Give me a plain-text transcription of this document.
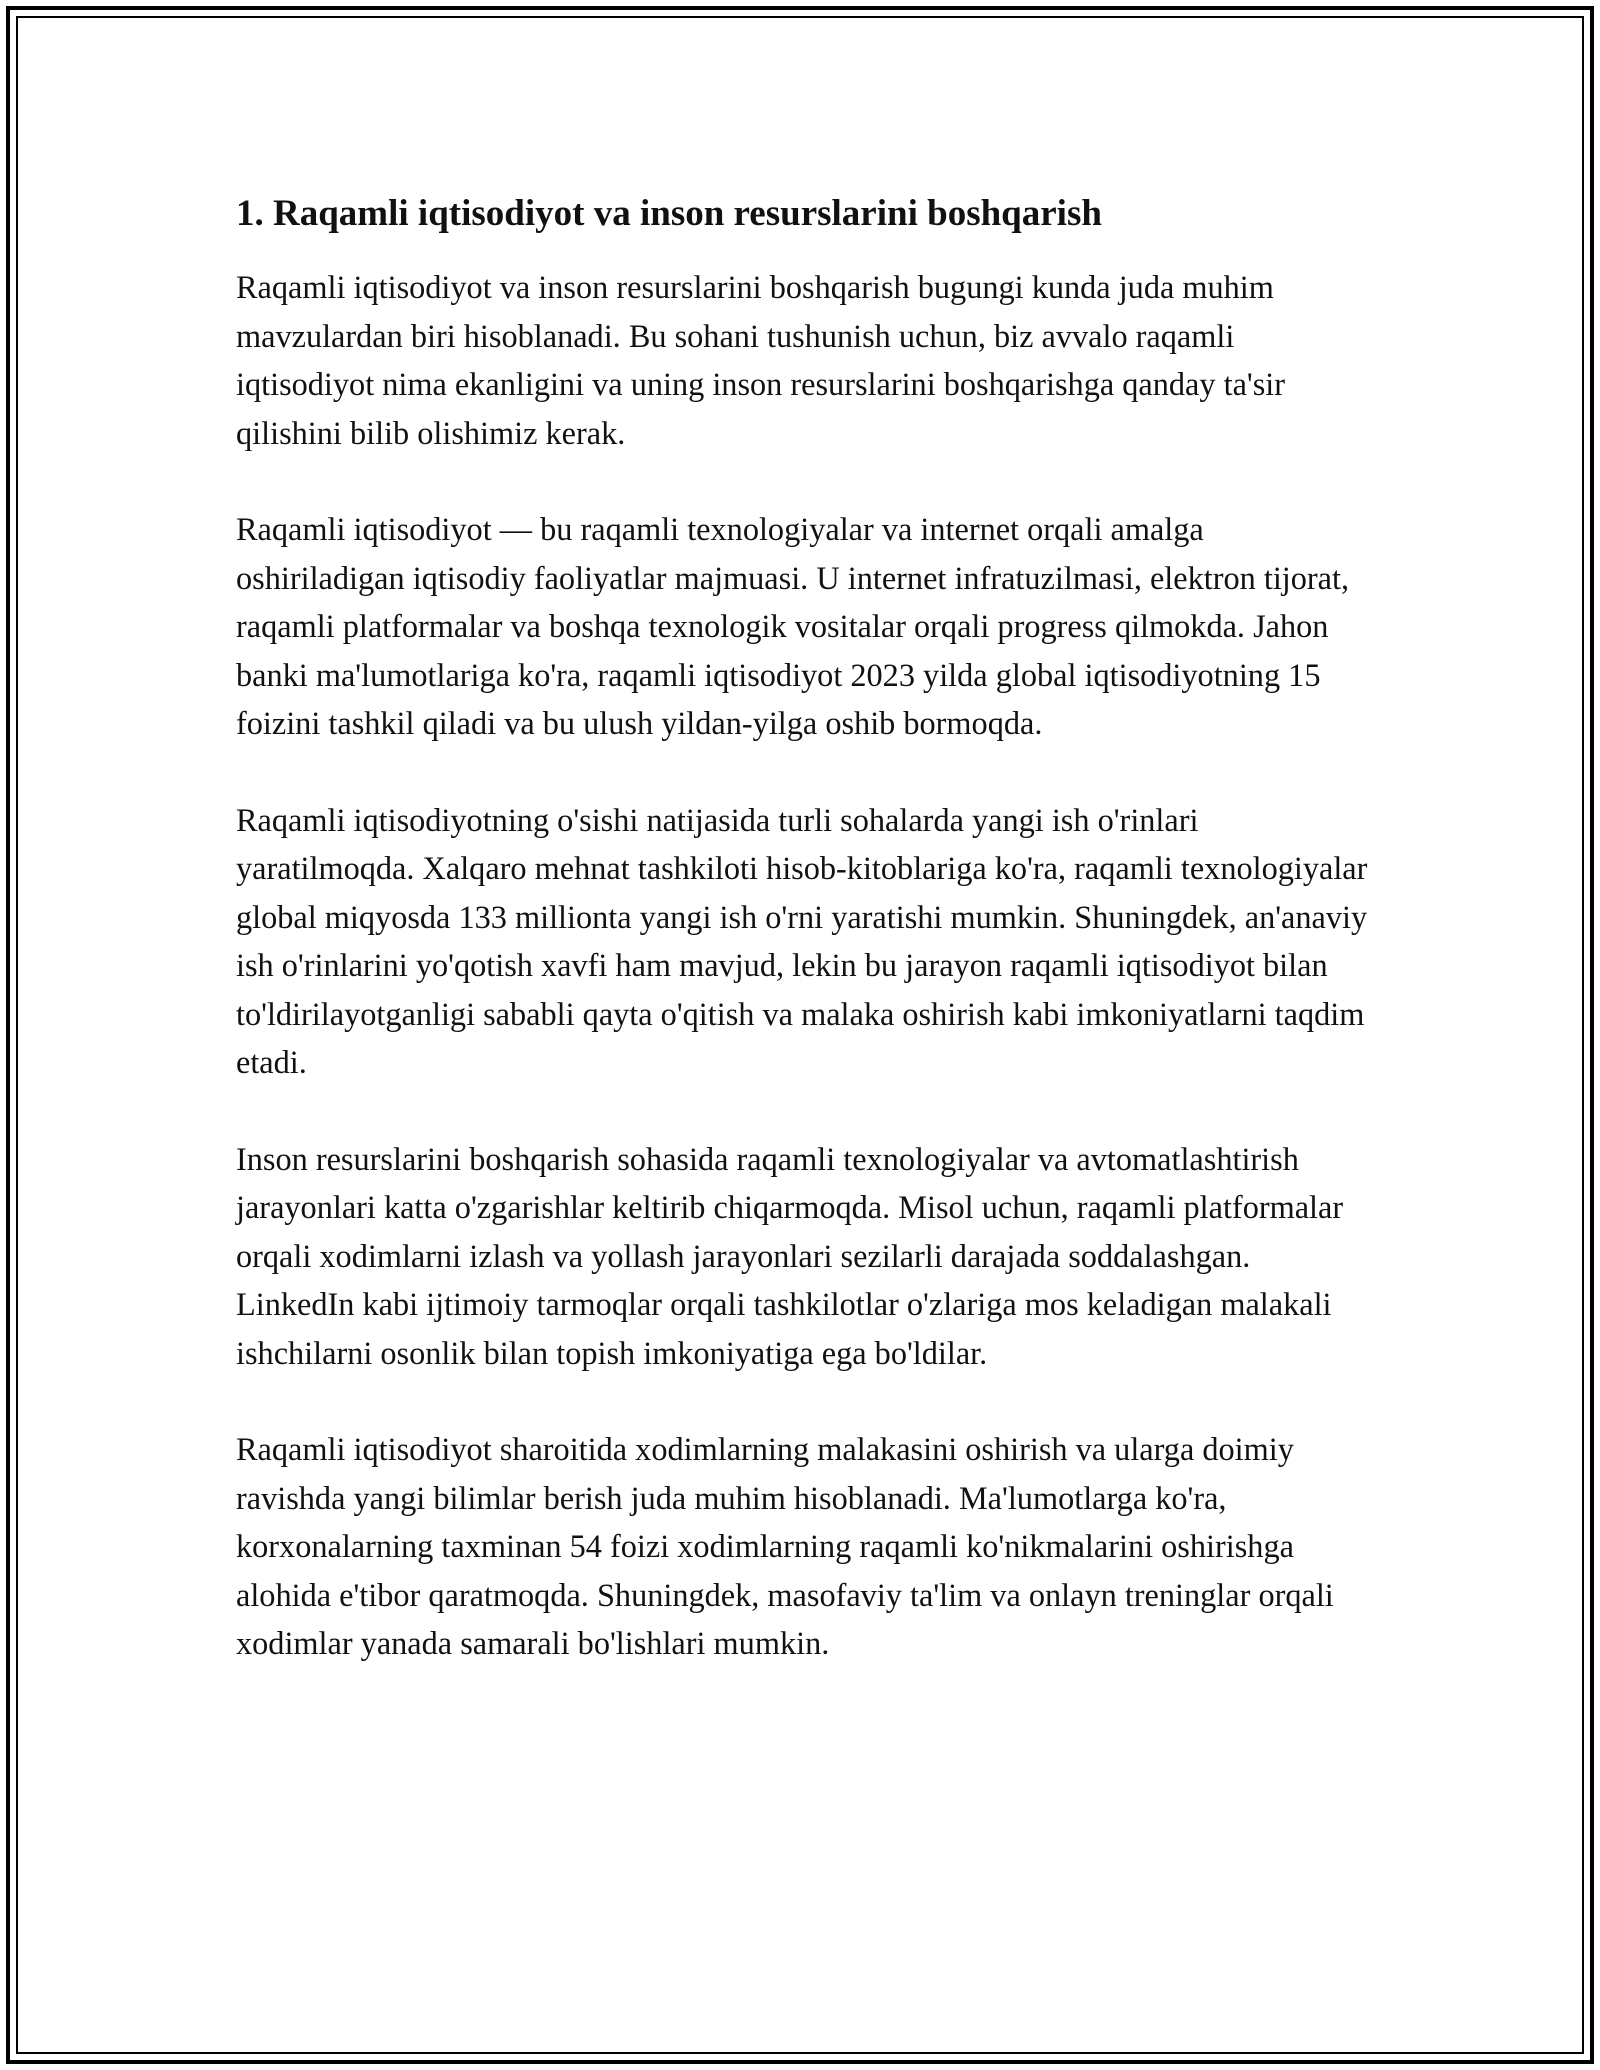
1. Raqamli iqtisodiyot va inson resurslarini boshqarish

Raqamli iqtisodiyot va inson resurslarini boshqarish bugungi kunda juda muhim mavzulardan biri hisoblanadi. Bu sohani tushunish uchun, biz avvalo raqamli iqtisodiyot nima ekanligini va uning inson resurslarini boshqarishga qanday ta'sir qilishini bilib olishimiz kerak.

Raqamli iqtisodiyot — bu raqamli texnologiyalar va internet orqali amalga oshiriladigan iqtisodiy faoliyatlar majmuasi. U internet infratuzilmasi, elektron tijorat, raqamli platformalar va boshqa texnologik vositalar orqali progress qilmokda. Jahon banki ma'lumotlariga ko'ra, raqamli iqtisodiyot 2023 yilda global iqtisodiyotning 15 foizini tashkil qiladi va bu ulush yildan-yilga oshib bormoqda.

Raqamli iqtisodiyotning o'sishi natijasida turli sohalarda yangi ish o'rinlari yaratilmoqda. Xalqaro mehnat tashkiloti hisob-kitoblariga ko'ra, raqamli texnologiyalar global miqyosda 133 millionta yangi ish o'rni yaratishi mumkin. Shuningdek, an'anaviy ish o'rinlarini yo'qotish xavfi ham mavjud, lekin bu jarayon raqamli iqtisodiyot bilan to'ldirilayotganligi sababli qayta o'qitish va malaka oshirish kabi imkoniyatlarni taqdim etadi.

Inson resurslarini boshqarish sohasida raqamli texnologiyalar va avtomatlashtirish jarayonlari katta o'zgarishlar keltirib chiqarmoqda. Misol uchun, raqamli platformalar orqali xodimlarni izlash va yollash jarayonlari sezilarli darajada soddalashgan. LinkedIn kabi ijtimoiy tarmoqlar orqali tashkilotlar o'zlariga mos keladigan malakali ishchilarni osonlik bilan topish imkoniyatiga ega bo'ldilar.

Raqamli iqtisodiyot sharoitida xodimlarning malakasini oshirish va ularga doimiy ravishda yangi bilimlar berish juda muhim hisoblanadi. Ma'lumotlarga ko'ra, korxonalarning taxminan 54 foizi xodimlarning raqamli ko'nikmalarini oshirishga alohida e'tibor qaratmoqda. Shuningdek, masofaviy ta'lim va onlayn treninglar orqali xodimlar yanada samarali bo'lishlari mumkin.
